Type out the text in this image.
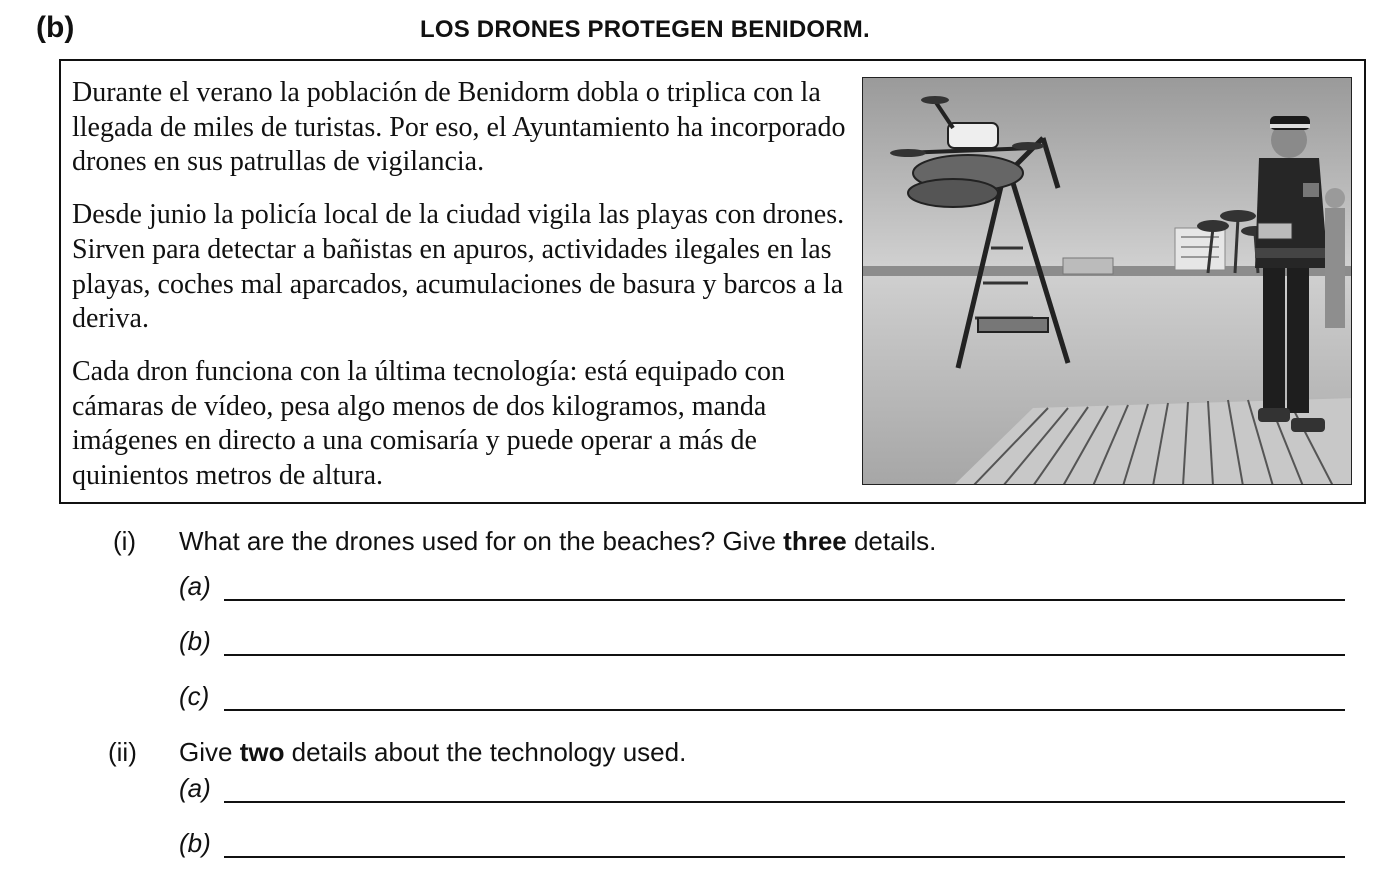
(b)	LOS DRONES PROTEGEN BENIDORM.

Durante el verano la población de Benidorm dobla o triplica con la llegada de miles de turistas. Por eso, el Ayuntamiento ha incorporado drones en sus patrullas de vigilancia.

Desde junio la policía local de la ciudad vigila las playas con drones. Sirven para detectar a bañistas en apuros, actividades ilegales en las playas, coches mal aparcados, acumulaciones de basura y barcos a la deriva.

Cada dron funciona con la última tecnología: está equipado con cámaras de vídeo, pesa algo menos de dos kilogramos, manda imágenes en directo a una comisaría y puede operar a más de quinientos metros de altura.

(i) What are the drones used for on the beaches? Give three details.
(a)
(b)
(c)
(ii) Give two details about the technology used.
(a)
(b)
